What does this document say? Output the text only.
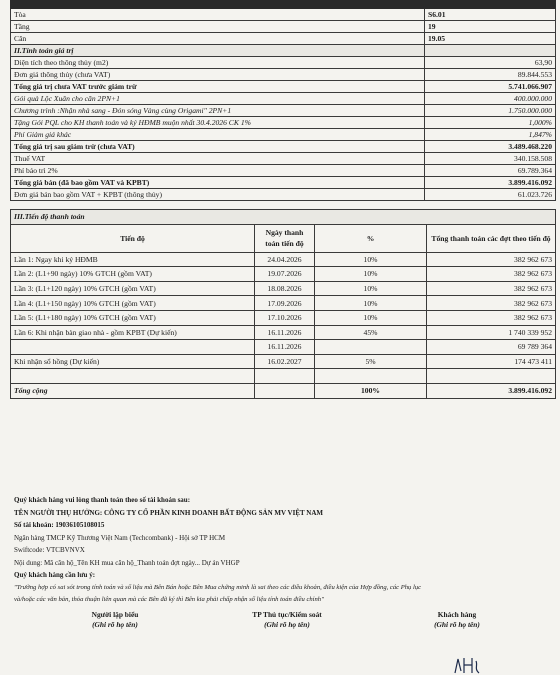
Tòa	S6.01
Tầng	19
Căn	19.05
II.Tính toán giá trị	
Diện tích theo thông thủy (m2)	63,90
Đơn giá thông thủy (chưa VAT)	89.844.553
Tổng giá trị chưa VAT trước giảm trừ	5.741.066.907
Gói quà Lộc Xuân cho căn 2PN+1	400.000.000
Chương trình :Nhận nhà sang - Đón sóng Vàng cùng Origami" 2PN+1	1.750.000.000
Tặng Gói PQL cho KH thanh toán và ký HĐMB muộn nhất 30.4.2026 CK 1%	1,000%
Phí Giảm giá khác	1,847%
Tổng giá trị sau giảm trừ (chưa VAT)	3.489.468.220
Thuế VAT	340.158.508
Phí bảo trì 2%	69.789.364
Tổng giá bán (đã bao gồm VAT và KPBT)	3.899.416.092
Đơn giá bán bao gồm VAT + KPBT (thông thủy)	61.023.726
III.Tiến độ thanh toán			
Tiến độ	Ngày thanh toán tiến độ	%	Tổng thanh toán các đợt theo tiến độ
Lần 1: Ngay khi ký HĐMB	24.04.2026	10%	382 962 673
Lần 2: (L1+90 ngày) 10% GTCH (gồm VAT)	19.07.2026	10%	382 962 673
Lần 3: (L1+120 ngày) 10% GTCH (gồm VAT)	18.08.2026	10%	382 962 673
Lần 4: (L1+150 ngày) 10% GTCH (gồm VAT)	17.09.2026	10%	382 962 673
Lần 5: (L1+180 ngày) 10% GTCH (gồm VAT)	17.10.2026	10%	382 962 673
Lần 6: Khi nhận bàn giao nhà - gồm KPBT (Dự kiến)	16.11.2026	45%	1 740 339 952
	16.11.2026		69 789 364
Khi nhận sổ hồng (Dự kiến)	16.02.2027	5%	174 473 411

Tổng cộng		100%	3.899.416.092
Quý khách hàng vui lòng thanh toán theo số tài khoản sau:
TÊN NGƯỜI THỤ HƯỞNG: CÔNG TY CỔ PHẦN KINH DOANH BẤT ĐỘNG SẢN MV VIỆT NAM
Số tài khoản: 19036105108015
Ngân hàng TMCP Kỹ Thương Việt Nam (Techcombank) - Hội sở TP HCM
Swiftcode: VTCBVNVX
Nội dung: Mã căn hộ_Tên KH mua căn hộ_Thanh toán đợt ngày... Dự án VHGP
Quý khách hàng cần lưu ý:
"Trường hợp có sai sót trong tính toán và số liệu mà Bên Bán hoặc Bên Mua chứng minh là sai theo các điều khoản, điều kiện của Hợp đồng, các Phụ lục
và/hoặc các văn bản, thỏa thuận liên quan mà các Bên đã ký thì Bên kia phải chấp nhận số liệu tính toán điều chỉnh"
Người lập biểu
(Ghi rõ họ tên)
TP Thủ tục/Kiểm soát
(Ghi rõ họ tên)
Khách hàng
(Ghi rõ họ tên)
